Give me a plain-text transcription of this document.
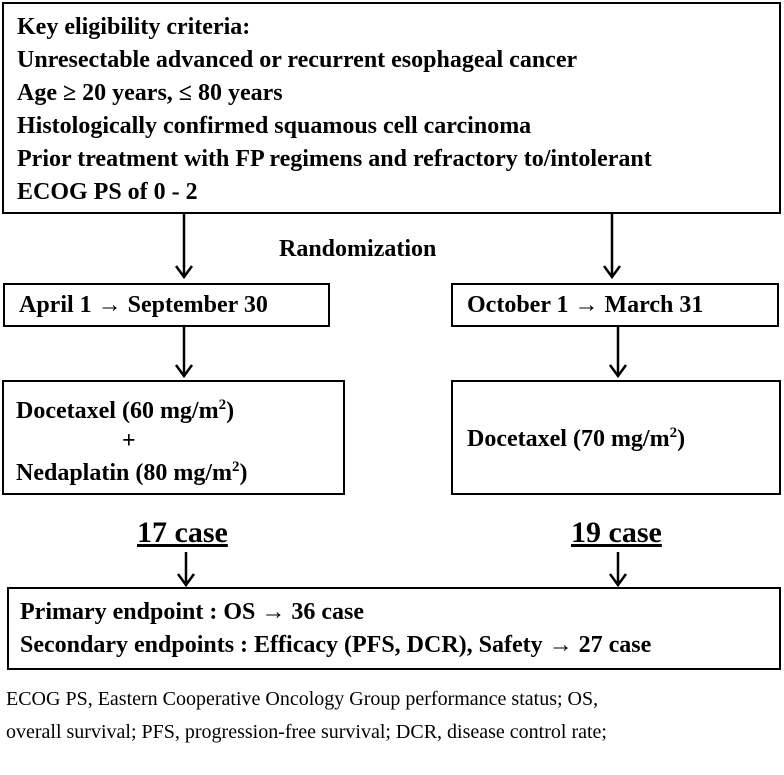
Key eligibility criteria:
Unresectable advanced or recurrent esophageal cancer
Age ≥ 20 years, ≤ 80 years
Histologically confirmed squamous cell carcinoma
Prior treatment with FP regimens and refractory to/intolerant
ECOG PS of 0 - 2
Randomization
April 1 → September 30	October 1 → March 31
Docetaxel (60 $mg/m^2$)
+
Nedaplatin (80 $mg/m^2$)
Docetaxel (70 $mg/m^2$)
17 case	19 case
Primary endpoint : OS → 36 case
Secondary endpoints : Efficacy (PFS, DCR), Safety → 27 case
ECOG PS, Eastern Cooperative Oncology Group performance status; OS,
overall survival; PFS, progression-free survival; DCR, disease control rate;
